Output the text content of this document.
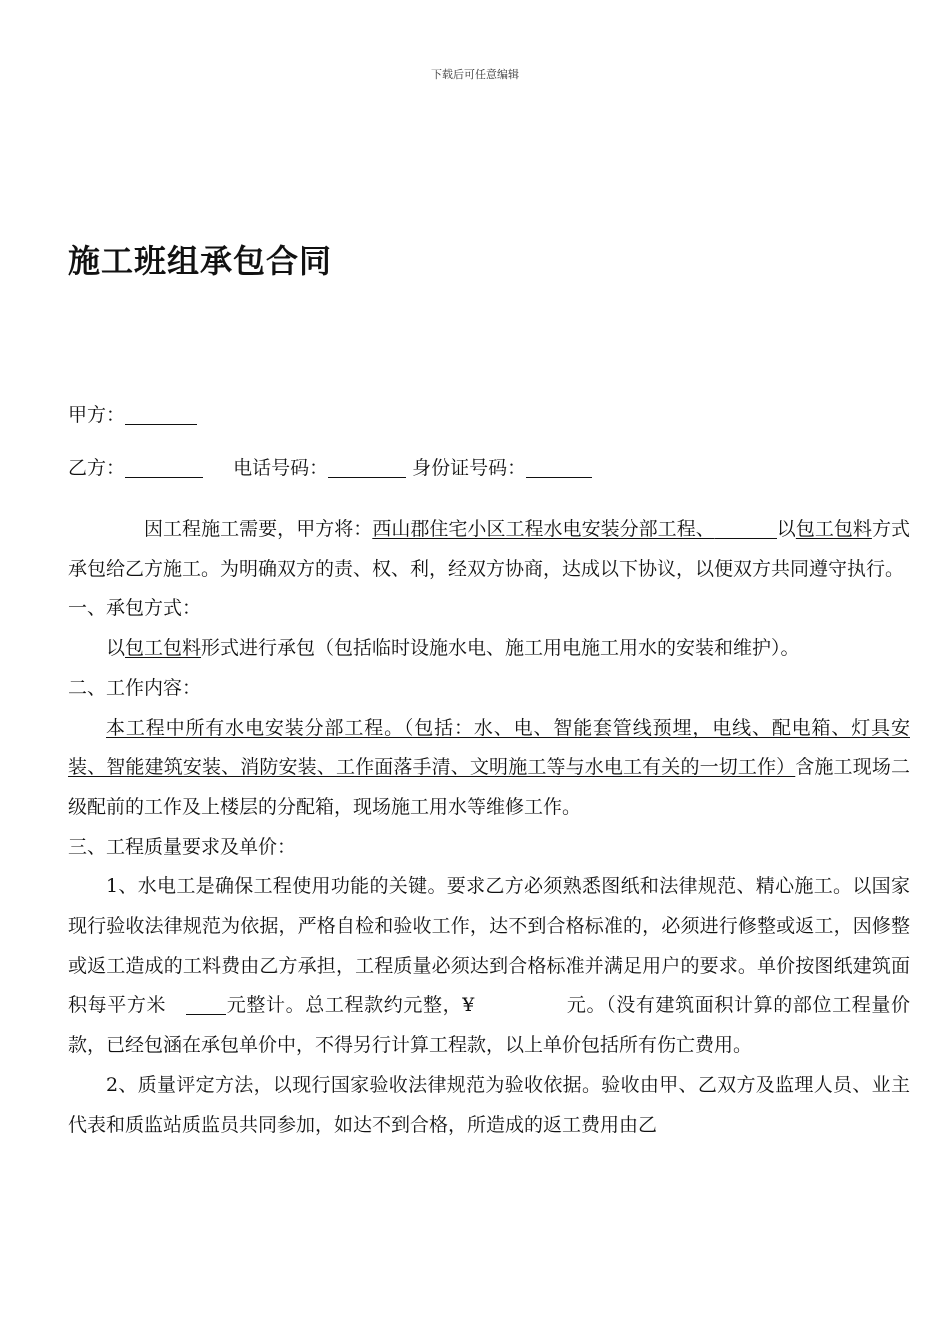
下载后可任意编辑
施工班组承包合同
甲方：
乙方：	电话号码：	身份证号码：

因工程施工需要，甲方将：西山郡住宅小区工程水电安装分部工程、	以包工包料方式承包给乙方施工。为明确双方的责、权、利，经双方协商，达成以下协议，以便双方共同遵守执行。

一、承包方式：

以包工包料形式进行承包（包括临时设施水电、施工用电施工用水的安装和维护）。

二、工作内容：

本工程中所有水电安装分部工程。（包括：水、电、智能套管线预埋，电线、配电箱、灯具安装、智能建筑安装、消防安装、工作面落手清、文明施工等与水电工有关的一切工作）含施工现场二级配前的工作及上楼层的分配箱，现场施工用水等维修工作。

三、工程质量要求及单价：

1、水电工是确保工程使用功能的关键。要求乙方必须熟悉图纸和法律规范、精心施工。以国家现行验收法律规范为依据，严格自检和验收工作，达不到合格标准的，必须进行修整或返工，因修整或返工造成的工料费由乙方承担，工程质量必须达到合格标准并满足用户的要求。单价按图纸建筑面积每平方米	元整计。总工程款约元整，¥	元。（没有建筑面积计算的部位工程量价款，已经包涵在承包单价中，不得另行计算工程款，以上单价包括所有伤亡费用。

2、质量评定方法，以现行国家验收法律规范为验收依据。验收由甲、乙双方及监理人员、业主代表和质监站质监员共同参加，如达不到合格，所造成的返工费用由乙
